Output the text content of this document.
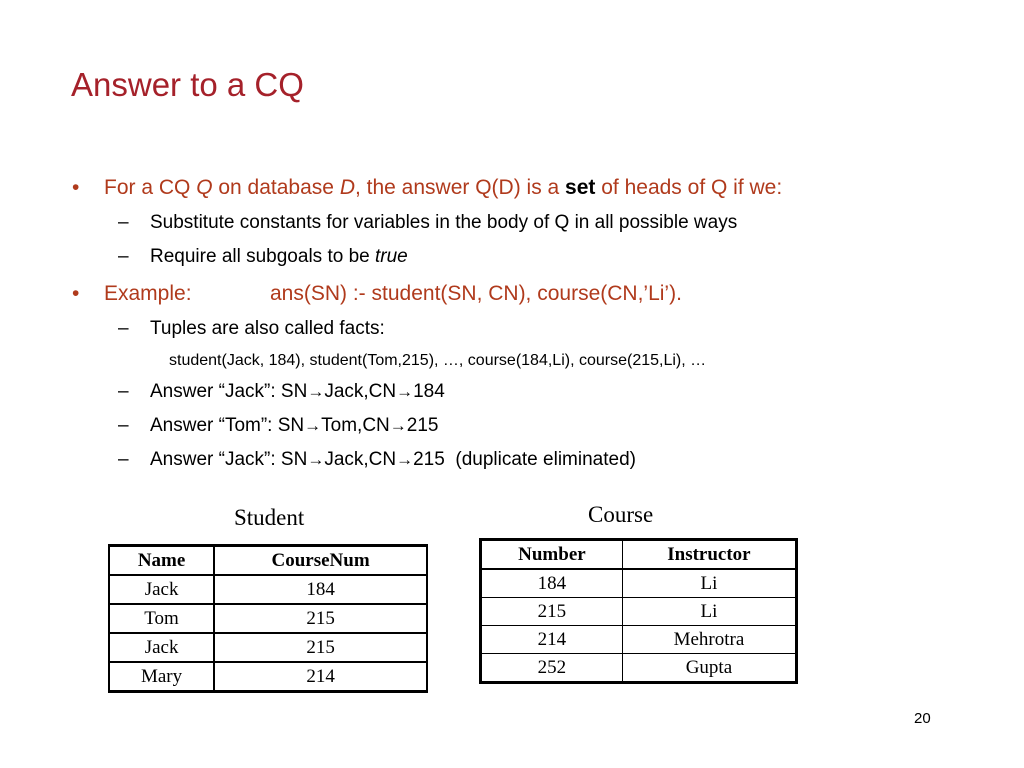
Answer to a CQ
• For a CQ Q on database D, the answer Q(D) is a set of heads of Q if we:
– Substitute constants for variables in the body of Q in all possible ways
– Require all subgoals to be true
• Example:	ans(SN) :- student(SN, CN), course(CN,’Li’).
– Tuples are also called facts:
student(Jack, 184), student(Tom,215), …, course(184,Li), course(215,Li), …
– Answer “Jack”: SN→Jack,CN→184
– Answer “Tom”: SN→Tom,CN→215
– Answer “Jack”: SN→Jack,CN→215  (duplicate eliminated)
Student	Course
Name	CourseNum
Jack	184
Tom	215
Jack	215
Mary	214
Number	Instructor
184	Li
215	Li
214	Mehrotra
252	Gupta
20
